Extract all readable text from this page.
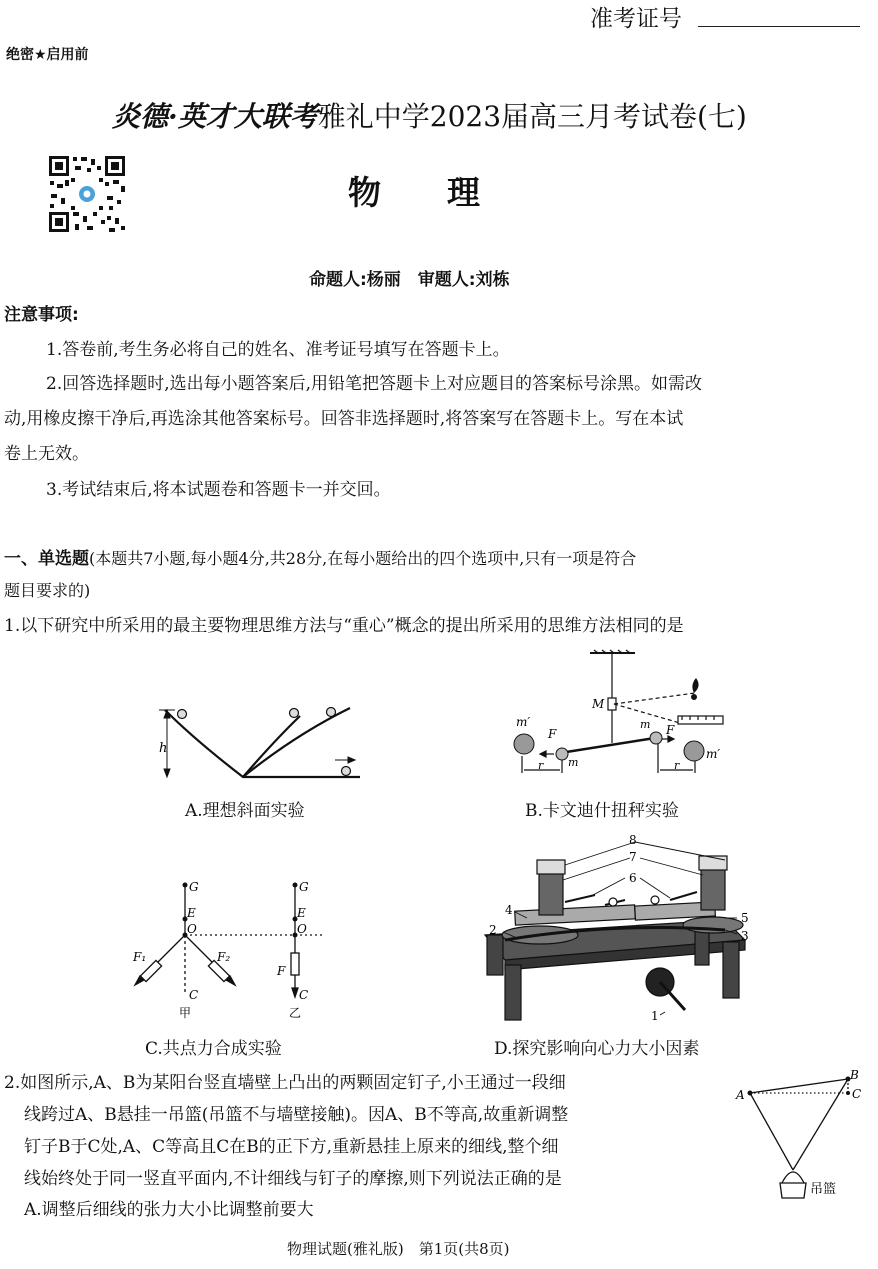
准考证号
绝密★启用前
炎德·英才大联考雅礼中学2023届高三月考试卷(七)
物　　理
命题人:杨丽　审题人:刘栋
注意事项:
1.答卷前,考生务必将自己的姓名、准考证号填写在答题卡上。
2.回答选择题时,选出每小题答案后,用铅笔把答题卡上对应题目的答案标号涂黑。如需改
动,用橡皮擦干净后,再选涂其他答案标号。回答非选择题时,将答案写在答题卡上。写在本试
卷上无效。
3.考试结束后,将本试题卷和答题卡一并交回。
一、单选题(本题共7小题,每小题4分,共28分,在每小题给出的四个选项中,只有一项是符合
题目要求的)
1.以下研究中所采用的最主要物理思维方法与“重心”概念的提出所采用的思维方法相同的是
h
A.理想斜面实验
m′
F
r m
M
m F
r
m′
B.卡文迪什扭秤实验
G
E
O
F₁	F₂
C
甲
G
E
O
F
C
乙
C.共点力合成实验
8
7
6
4
2
5
3
1
D.探究影响向心力大小因素
2.如图所示,A、B为某阳台竖直墙壁上凸出的两颗固定钉子,小王通过一段细
线跨过A、B悬挂一吊篮(吊篮不与墙壁接触)。因A、B不等高,故重新调整
钉子B于C处,A、C等高且C在B的正下方,重新悬挂上原来的细线,整个细
线始终处于同一竖直平面内,不计细线与钉子的摩擦,则下列说法正确的是
A.调整后细线的张力大小比调整前要大
A
B
C
吊篮
物理试题(雅礼版)　第1页(共8页)
